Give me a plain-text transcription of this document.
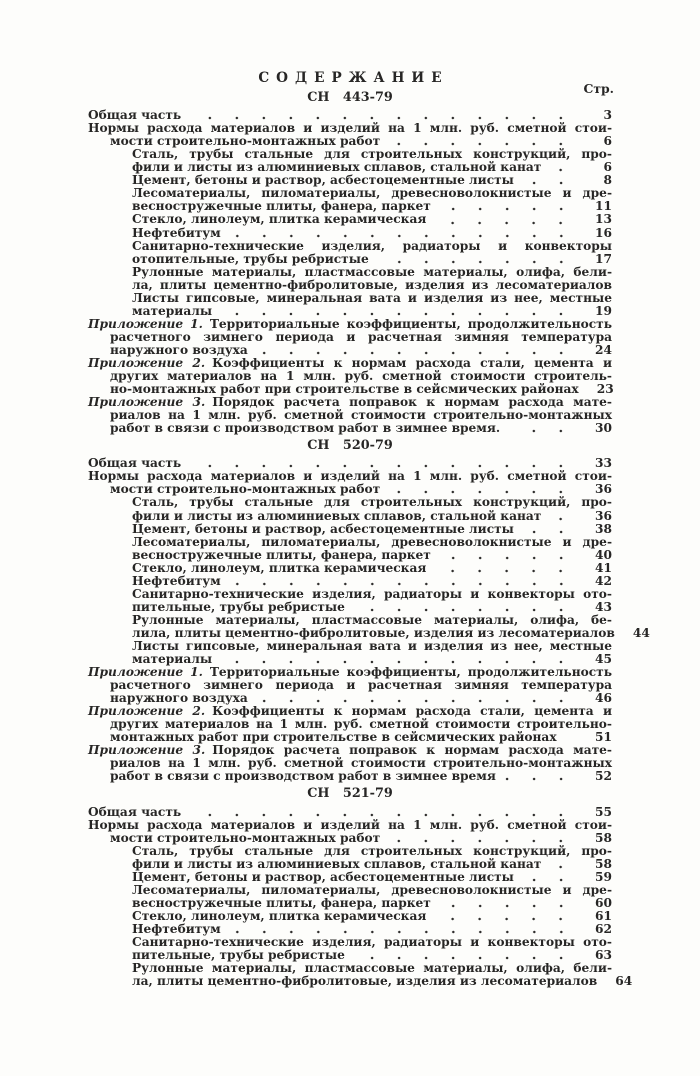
СОДЕРЖАНИЕ
Стр.
СН 443-79
Общая часть	3
Нормы расхода материалов и изделий на 1 млн. руб. сметной стои-
мости строительно-монтажных работ	6
Сталь, трубы стальные для строительных конструкций, про-
фили и листы из алюминиевых сплавов, стальной канат	6
Цемент, бетоны и раствор, асбестоцементные листы	8
Лесоматериалы, пиломатериалы, древесноволокнистые и дре-
весностружечные плиты, фанера, паркет	11
Стекло, линолеум, плитка керамическая	13
Нефтебитум	16
Санитарно-технические изделия, радиаторы и конвекторы
отопительные, трубы ребристые	17
Рулонные материалы, пластмассовые материалы, олифа, бели-
ла, плиты цементно-фибролитовые, изделия из лесоматериалов
Листы гипсовые, минеральная вата и изделия из нее, местные
материалы	19
Приложение 1. Территориальные коэффициенты, продолжительность
расчетного зимнего периода и расчетная зимняя температура
наружного воздуха	24
Приложение 2. Коэффициенты к нормам расхода стали, цемента и
других материалов на 1 млн. руб. сметной стоимости строитель-
но-монтажных работ при строительстве в сейсмических районах	23
Приложение 3. Порядок расчета поправок к нормам расхода мате-
риалов на 1 млн. руб. сметной стоимости строительно-монтажных
работ в связи с производством работ в зимнее время.	30
СН 520-79
Общая часть	33
Нормы расхода материалов и изделий на 1 млн. руб. сметной стои-
мости строительно-монтажных работ	36
Сталь, трубы стальные для строительных конструкций, про-
фили и листы из алюминиевых сплавов, стальной канат	36
Цемент, бетоны и раствор, асбестоцементные листы	38
Лесоматериалы, пиломатериалы, древесноволокнистые и дре-
весностружечные плиты, фанера, паркет	40
Стекло, линолеум, плитка керамическая	41
Нефтебитум	42
Санитарно-технические изделия, радиаторы и конвекторы ото-
пительные, трубы ребристые	43
Рулонные материалы, пластмассовые материалы, олифа, бе-
лила, плиты цементно-фибролитовые, изделия из лесоматериалов	44
Листы гипсовые, минеральная вата и изделия из нее, местные
материалы	45
Приложение 1. Территориальные коэффициенты, продолжительность
расчетного зимнего периода и расчетная зимняя температура
наружного воздуха	46
Приложение 2. Коэффициенты к нормам расхода стали, цемента и
других материалов на 1 млн. руб. сметной стоимости строительно-
монтажных работ при строительстве в сейсмических районах	51
Приложение 3. Порядок расчета поправок к нормам расхода мате-
риалов на 1 млн. руб. сметной стоимости строительно-монтажных
работ в связи с производством работ в зимнее время	52
СН 521-79
Общая часть	55
Нормы расхода материалов и изделий на 1 млн. руб. сметной стои-
мости строительно-монтажных работ	58
Сталь, трубы стальные для строительных конструкций, про-
фили и листы из алюминиевых сплавов, стальной канат	58
Цемент, бетоны и раствор, асбестоцементные листы	59
Лесоматериалы, пиломатериалы, древесноволокнистые и дре-
весностружечные плиты, фанера, паркет	60
Стекло, линолеум, плитка керамическая	61
Нефтебитум	62
Санитарно-технические изделия, радиаторы и конвекторы ото-
пительные, трубы ребристые	63
Рулонные материалы, пластмассовые материалы, олифа, бели-
ла, плиты цементно-фибролитовые, изделия из лесоматериалов	64
